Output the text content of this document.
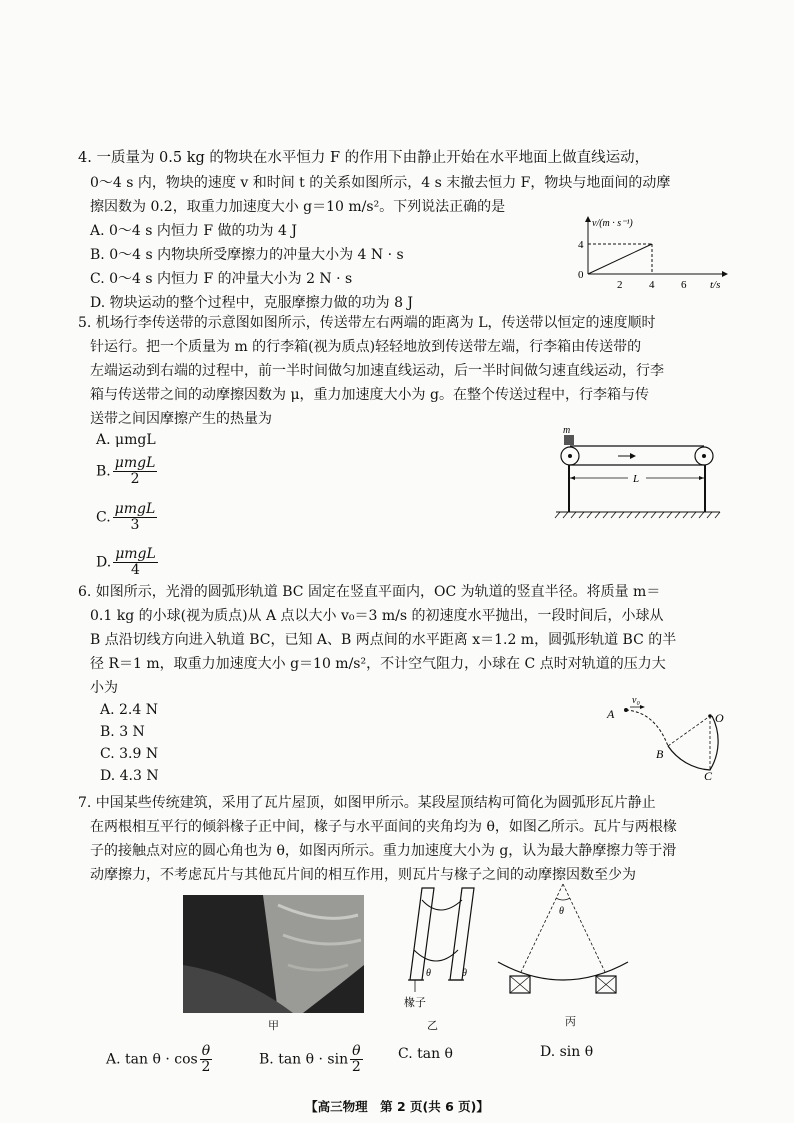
4. 一质量为 0.5 kg 的物块在水平恒力 F 的作用下由静止开始在水平地面上做直线运动，
0～4 s 内，物块的速度 v 和时间 t 的关系如图所示，4 s 末撤去恒力 F，物块与地面间的动摩
擦因数为 0.2，取重力加速度大小 g＝10 m/s²。下列说法正确的是
A. 0～4 s 内恒力 F 做的功为 4 J
B. 0～4 s 内物块所受摩擦力的冲量大小为 4 N · s
C. 0～4 s 内恒力 F 的冲量大小为 2 N · s
D. 物块运动的整个过程中，克服摩擦力做的功为 8 J
v/(m · s⁻¹)
t/s
4
0
2 4 6
5. 机场行李传送带的示意图如图所示，传送带左右两端的距离为 L，传送带以恒定的速度顺时
针运行。把一个质量为 m 的行李箱(视为质点)轻轻地放到传送带左端，行李箱由传送带的
左端运动到右端的过程中，前一半时间做匀加速直线运动，后一半时间做匀速直线运动，行李
箱与传送带之间的动摩擦因数为 μ，重力加速度大小为 g。在整个传送过程中，行李箱与传
送带之间因摩擦产生的热量为
A. μmgL
B. $\frac{\text{μmgL}}{2}$
C. $\frac{\text{μmgL}}{3}$
D. $\frac{\text{μmgL}}{4}$
m
L
6. 如图所示，光滑的圆弧形轨道 BC 固定在竖直平面内，OC 为轨道的竖直半径。将质量 m＝
0.1 kg 的小球(视为质点)从 A 点以大小 v₀＝3 m/s 的初速度水平抛出，一段时间后，小球从
B 点沿切线方向进入轨道 BC，已知 A、B 两点间的水平距离 x＝1.2 m，圆弧形轨道 BC 的半
径 R＝1 m，取重力加速度大小 g＝10 m/s²，不计空气阻力，小球在 C 点时对轨道的压力大
小为
A. 2.4 N
B. 3 N
C. 3.9 N
D. 4.3 N
A
v₀
O
B
C
7. 中国某些传统建筑，采用了瓦片屋顶，如图甲所示。某段屋顶结构可简化为圆弧形瓦片静止
在两根相互平行的倾斜椽子正中间，椽子与水平面间的夹角均为 θ，如图乙所示。瓦片与两根椽
子的接触点对应的圆心角也为 θ，如图丙所示。重力加速度大小为 g，认为最大静摩擦力等于滑
动摩擦力，不考虑瓦片与其他瓦片间的相互作用，则瓦片与椽子之间的动摩擦因数至少为
甲
θ	θ
椽子
乙
θ
丙
A. $\tan \theta \cdot \cos \frac{\theta}{2}$	B. $\tan \theta \cdot \sin \frac{\theta}{2}$	C. tan θ	D. sin θ
【高三物理　第 2 页(共 6 页)】
